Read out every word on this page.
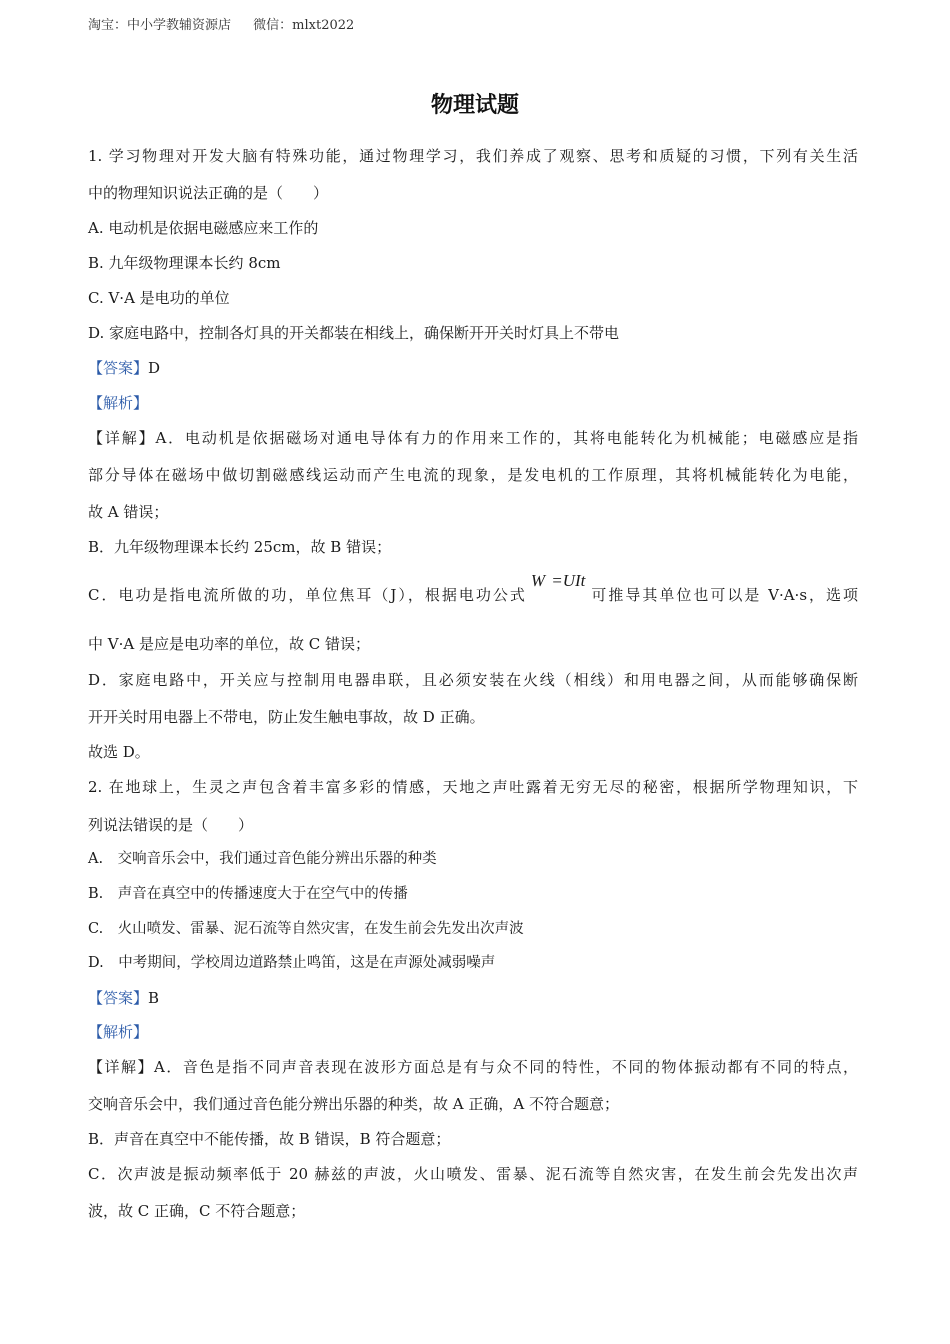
淘宝：中小学教辅资源店 微信：mlxt2022
物理试题

1. 学习物理对开发大脑有特殊功能，通过物理学习，我们养成了观察、思考和质疑的习惯，下列有关生活

中的物理知识说法正确的是（　　）

A. 电动机是依据电磁感应来工作的

B. 九年级物理课本长约 8cm

C. V·A 是电功的单位

D. 家庭电路中，控制各灯具的开关都装在相线上，确保断开开关时灯具上不带电

【答案】D

【解析】

【详解】A．电动机是依据磁场对通电导体有力的作用来工作的，其将电能转化为机械能；电磁感应是指

部分导体在磁场中做切割磁感线运动而产生电流的现象，是发电机的工作原理，其将机械能转化为电能，

故 A 错误；

B．九年级物理课本长约 25cm，故 B 错误；

C．电功是指电流所做的功，单位焦耳（J），根据电功公式W =UIt可推导其单位也可以是 V·A·s，选项

中 V·A 是应是电功率的单位，故 C 错误；

D．家庭电路中，开关应与控制用电器串联，且必须安装在火线（相线）和用电器之间，从而能够确保断

开开关时用电器上不带电，防止发生触电事故，故 D 正确。

故选 D。

2. 在地球上，生灵之声包含着丰富多彩的情感，天地之声吐露着无穷无尽的秘密，根据所学物理知识，下

列说法错误的是（　　）

A.　交响音乐会中，我们通过音色能分辨出乐器的种类

B.　声音在真空中的传播速度大于在空气中的传播

C.　火山喷发、雷暴、泥石流等自然灾害，在发生前会先发出次声波

D.　中考期间，学校周边道路禁止鸣笛，这是在声源处减弱噪声

【答案】B

【解析】

【详解】A．音色是指不同声音表现在波形方面总是有与众不同的特性，不同的物体振动都有不同的特点，

交响音乐会中，我们通过音色能分辨出乐器的种类，故 A 正确，A 不符合题意；

B．声音在真空中不能传播，故 B 错误，B 符合题意；

C．次声波是振动频率低于 20 赫兹的声波，火山喷发、雷暴、泥石流等自然灾害，在发生前会先发出次声

波，故 C 正确，C 不符合题意；
